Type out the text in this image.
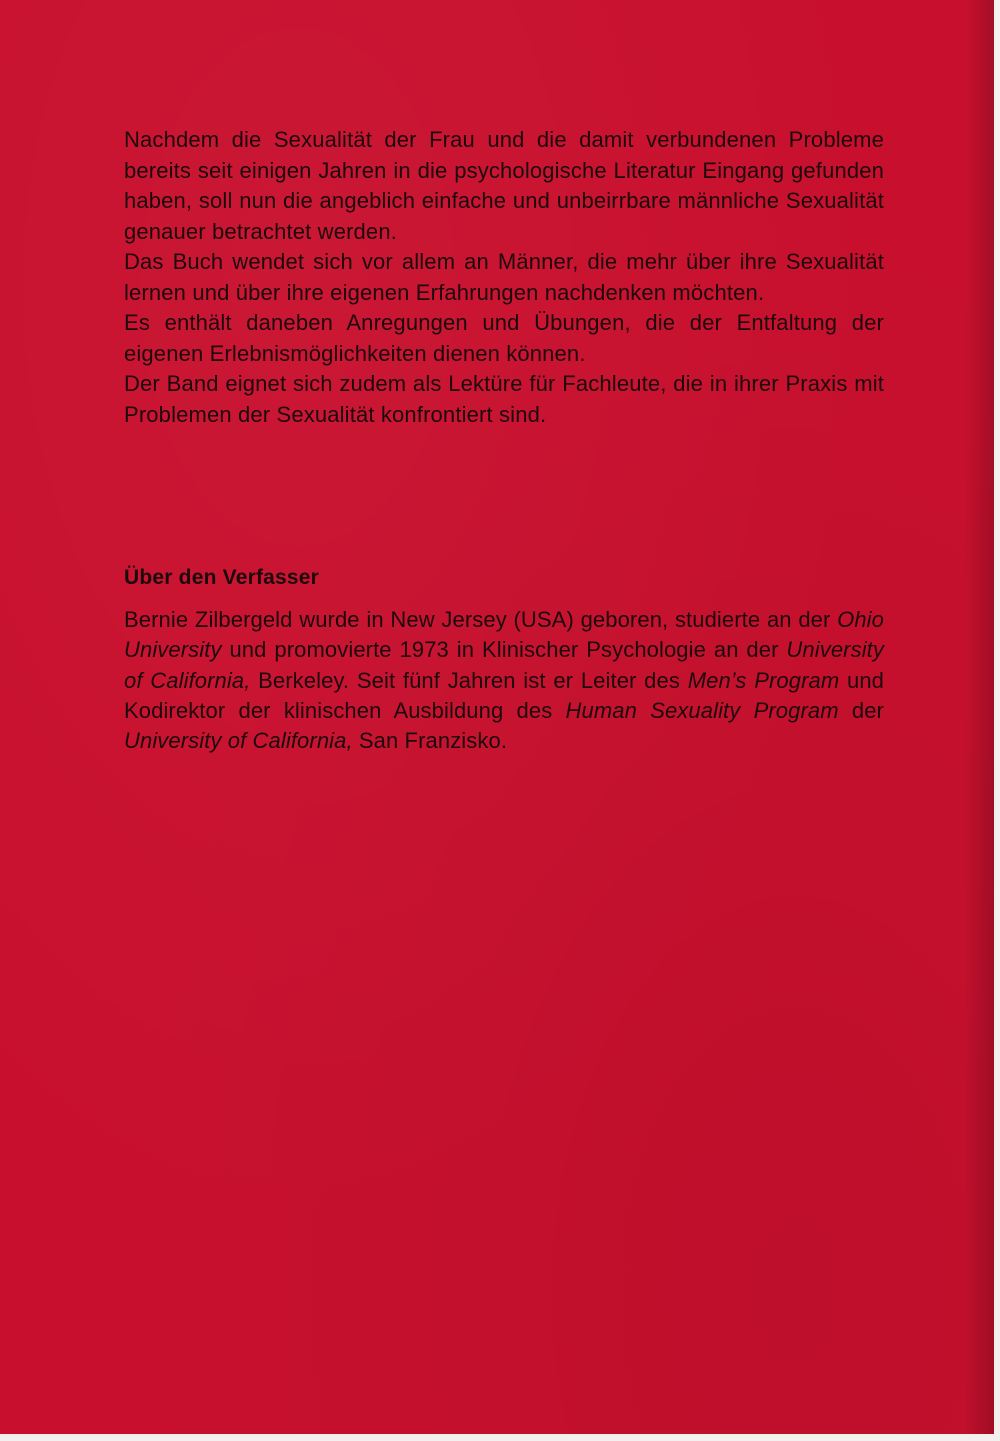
Nachdem die Sexualität der Frau und die damit verbundenen Probleme bereits seit einigen Jahren in die psychologische Literatur Eingang gefunden haben, soll nun die angeblich einfache und unbeirrbare männliche Sexualität genauer betrachtet werden.

Das Buch wendet sich vor allem an Männer, die mehr über ihre Sexualität lernen und über ihre eigenen Erfahrungen nachdenken möchten.

Es enthält daneben Anregungen und Übungen, die der Entfaltung der eigenen Erlebnismöglichkeiten dienen können.

Der Band eignet sich zudem als Lektüre für Fachleute, die in ihrer Praxis mit Problemen der Sexualität konfrontiert sind.

Über den Verfasser
Bernie Zilbergeld wurde in New Jersey (USA) geboren, studierte an der Ohio University und promovierte 1973 in Klinischer Psychologie an der University of California, Berkeley. Seit fünf Jahren ist er Leiter des Men’s Program und Kodirektor der klinischen Ausbildung des Human Sexuality Program der University of California, San Franzisko.
